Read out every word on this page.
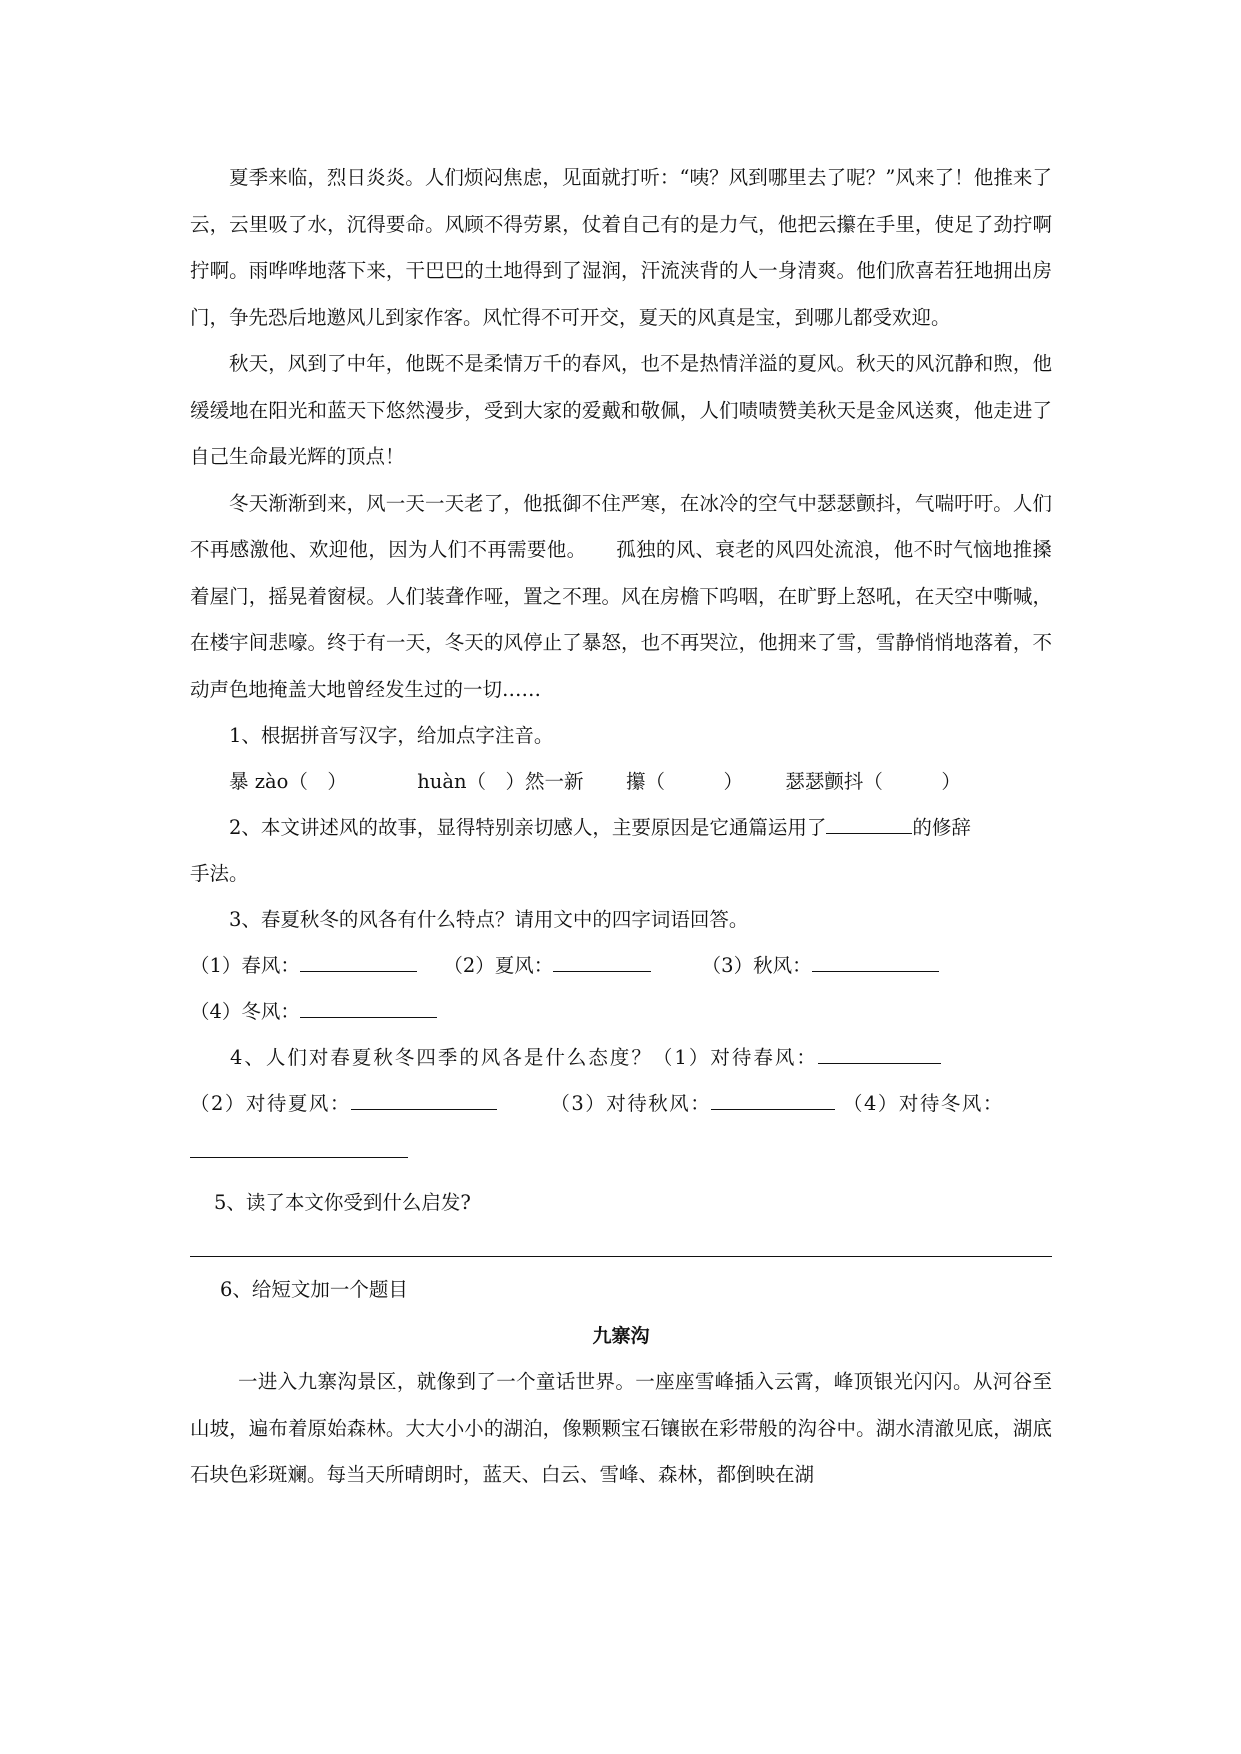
夏季来临，烈日炎炎。人们烦闷焦虑，见面就打听：“咦？风到哪里去了呢？”风来了！他推来了云，云里吸了水，沉得要命。风顾不得劳累，仗着自己有的是力气，他把云攥在手里，使足了劲拧啊拧啊。雨哗哗地落下来，干巴巴的土地得到了湿润，汗流浃背的人一身清爽。他们欣喜若狂地拥出房门，争先恐后地邀风儿到家作客。风忙得不可开交，夏天的风真是宝，到哪儿都受欢迎。

秋天，风到了中年，他既不是柔情万千的春风，也不是热情洋溢的夏风。秋天的风沉静和煦，他缓缓地在阳光和蓝天下悠然漫步，受到大家的爱戴和敬佩，人们啧啧赞美秋天是金风送爽，他走进了自己生命最光辉的顶点！

冬天渐渐到来，风一天一天老了，他抵御不住严寒，在冰冷的空气中瑟瑟颤抖，气喘吁吁。人们不再感激他、欢迎他，因为人们不再需要他。　　孤独的风、衰老的风四处流浪，他不时气恼地推搡着屋门，摇晃着窗棂。人们装聋作哑，置之不理。风在房檐下呜咽，在旷野上怒吼，在天空中嘶喊，在楼宇间悲嚎。终于有一天，冬天的风停止了暴怒，也不再哭泣，他拥来了雪，雪静悄悄地落着，不动声色地掩盖大地曾经发生过的一切……

1、根据拼音写汉字，给加点字注音。

暴 zào（　）	huàn（　）然一新 攥（　　　） 瑟瑟颤抖（　　　）

2、本文讲述风的故事，显得特别亲切感人，主要原因是它通篇运用了	的修辞

手法。

3、春夏秋冬的风各有什么特点？请用文中的四字词语回答。

（1）春风：	（2）夏风：	（3）秋风：

（4）冬风：

4、人们对春夏秋冬四季的风各是什么态度？（1）对待春风：

（2）对待夏风：	（3）对待秋风：	（4）对待冬风：

5、读了本文你受到什么启发?

6、给短文加一个题目

九寨沟

一进入九寨沟景区，就像到了一个童话世界。一座座雪峰插入云霄，峰顶银光闪闪。从河谷至山坡，遍布着原始森林。大大小小的湖泊，像颗颗宝石镶嵌在彩带般的沟谷中。湖水清澈见底，湖底石块色彩斑斓。每当天所晴朗时，蓝天、白云、雪峰、森林，都倒映在湖
